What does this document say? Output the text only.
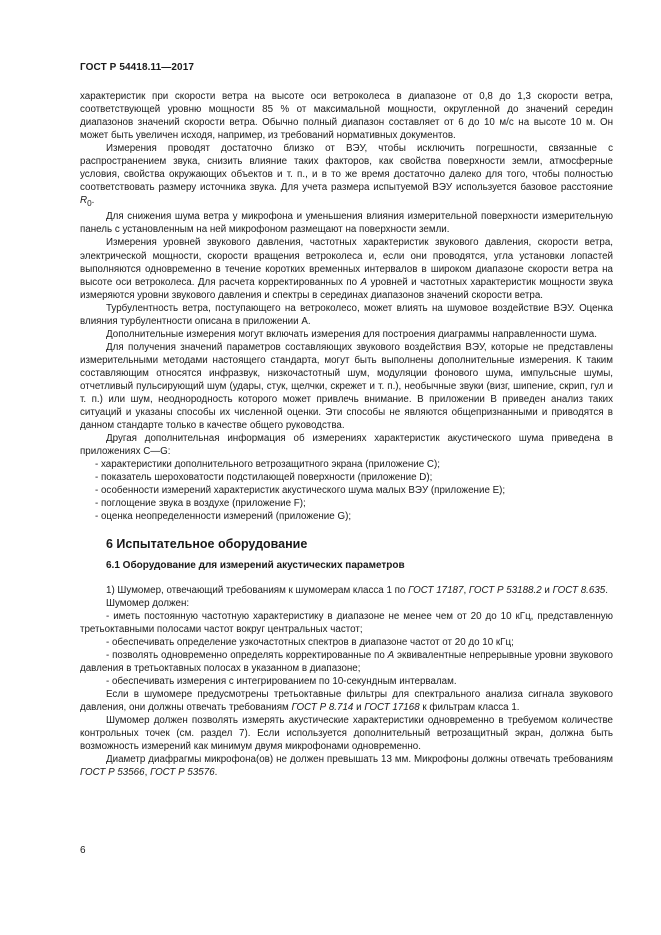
ГОСТ Р 54418.11—2017

характеристик при скорости ветра на высоте оси ветроколеса в диапазоне от 0,8 до 1,3 скорости ветра, соответствующей уровню мощности 85 % от максимальной мощности, округленной до значений середин диапазонов значений скорости ветра. Обычно полный диапазон составляет от 6 до 10 м/с на высоте 10 м. Он может быть увеличен исходя, например, из требований нормативных документов.

Измерения проводят достаточно близко от ВЭУ, чтобы исключить погрешности, связанные с распространением звука, снизить влияние таких факторов, как свойства поверхности земли, атмосферные условия, свойства окружающих объектов и т. п., и в то же время достаточно далеко для того, чтобы полностью соответствовать размеру источника звука. Для учета размера испытуемой ВЭУ используется базовое расстояние $R_0$.

Для снижения шума ветра у микрофона и уменьшения влияния измерительной поверхности измерительную панель с установленным на ней микрофоном размещают на поверхности земли.

Измерения уровней звукового давления, частотных характеристик звукового давления, скорости ветра, электрической мощности, скорости вращения ветроколеса и, если они проводятся, угла установки лопастей выполняются одновременно в течение коротких временных интервалов в широком диапазоне скорости ветра на высоте оси ветроколеса. Для расчета корректированных по А уровней и частотных характеристик мощности звука измеряются уровни звукового давления и спектры в серединах диапазонов значений скорости ветра.

Турбулентность ветра, поступающего на ветроколесо, может влиять на шумовое воздействие ВЭУ. Оценка влияния турбулентности описана в приложении А.

Дополнительные измерения могут включать измерения для построения диаграммы направленности шума.

Для получения значений параметров составляющих звукового воздействия ВЭУ, которые не представлены измерительными методами настоящего стандарта, могут быть выполнены дополнительные измерения. К таким составляющим относятся инфразвук, низкочастотный шум, модуляции фонового шума, импульсные шумы, отчетливый пульсирующий шум (удары, стук, щелчки, скрежет и т. п.), необычные звуки (визг, шипение, скрип, гул и т. п.) или шум, неоднородность которого может привлечь внимание. В приложении В приведен анализ таких ситуаций и указаны способы их численной оценки. Эти способы не являются общепризнанными и приводятся в данном стандарте только в качестве общего руководства.

Другая дополнительная информация об измерениях характеристик акустического шума приведена в приложениях С—G:

- характеристики дополнительного ветрозащитного экрана (приложение С);

- показатель шероховатости подстилающей поверхности (приложение D);

- особенности измерений характеристик акустического шума малых ВЭУ (приложение Е);

- поглощение звука в воздухе (приложение F);

- оценка неопределенности измерений (приложение G);

6 Испытательное оборудование
6.1 Оборудование для измерений акустических параметров

1) Шумомер, отвечающий требованиям к шумомерам класса 1 по ГОСТ 17187, ГОСТ Р 53188.2 и ГОСТ 8.635.

Шумомер должен:

- иметь постоянную частотную характеристику в диапазоне не менее чем от 20 до 10 кГц, представленную третьоктавными полосами частот вокруг центральных частот;

- обеспечивать определение узкочастотных спектров в диапазоне частот от 20 до 10 кГц;

- позволять одновременно определять корректированные по А эквивалентные непрерывные уровни звукового давления в третьоктавных полосах в указанном в диапазоне;

- обеспечивать измерения с интегрированием по 10-секундным интервалам.

Если в шумомере предусмотрены третьоктавные фильтры для спектрального анализа сигнала звукового давления, они должны отвечать требованиям ГОСТ Р 8.714 и ГОСТ 17168 к фильтрам класса 1.

Шумомер должен позволять измерять акустические характеристики одновременно в требуемом количестве контрольных точек (см. раздел 7). Если используется дополнительный ветрозащитный экран, должна быть возможность измерений как минимум двумя микрофонами одновременно.

Диаметр диафрагмы микрофона(ов) не должен превышать 13 мм. Микрофоны должны отвечать требованиям ГОСТ Р 53566, ГОСТ Р 53576.

6
